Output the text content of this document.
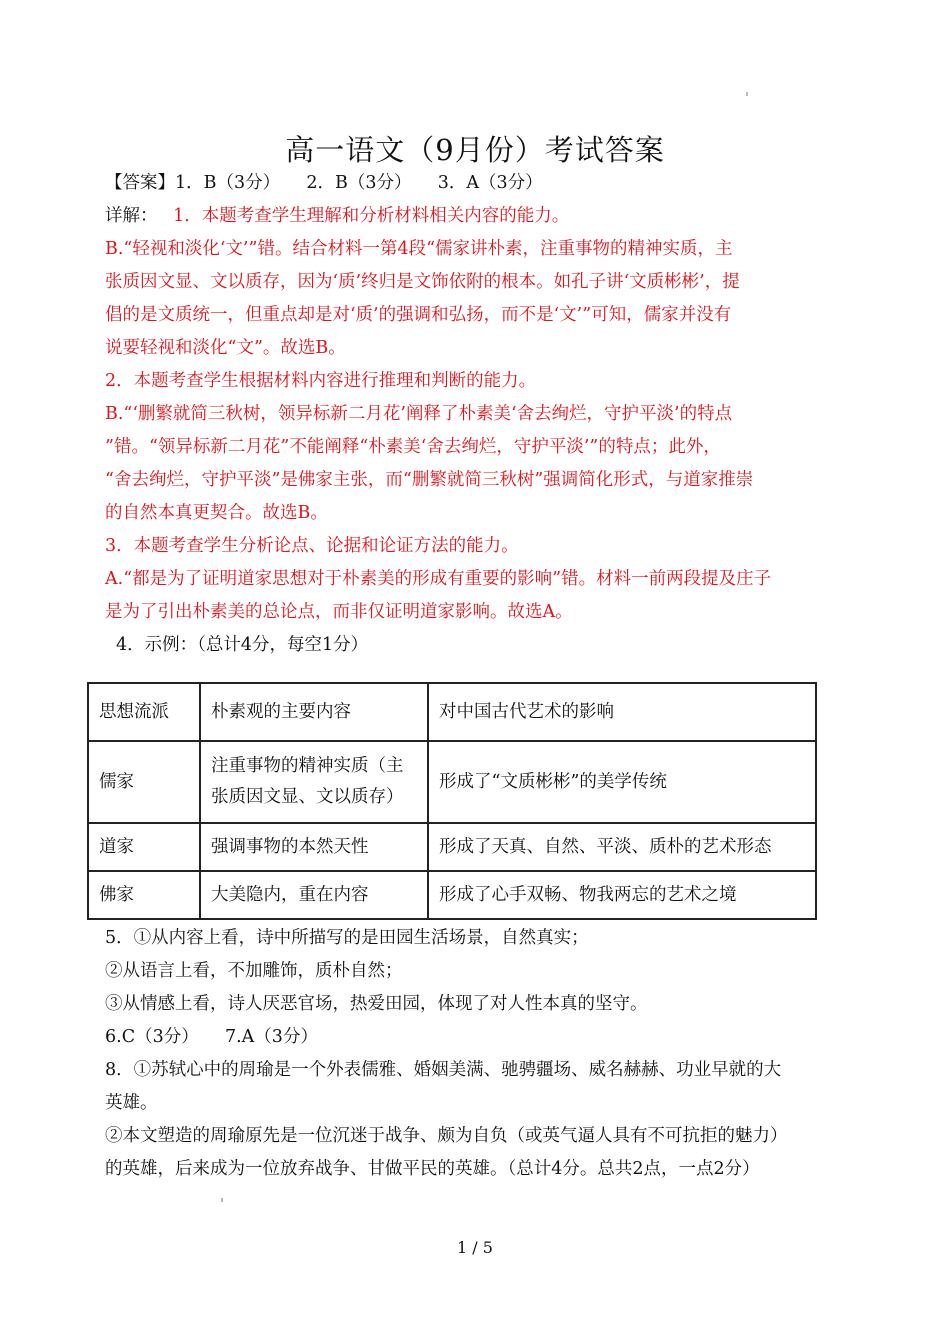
高一语文（9月份）考试答案
【答案】1．B（3分）　　2．B（3分）　　3．A（3分）
详解： 1．本题考查学生理解和分析材料相关内容的能力。
B.“轻视和淡化‘文’”错。结合材料一第4段“儒家讲朴素，注重事物的精神实质，主
张质因文显、文以质存，因为‘质’终归是文饰依附的根本。如孔子讲‘文质彬彬’，提
倡的是文质统一，但重点却是对‘质’的强调和弘扬，而不是‘文’”可知，儒家并没有
说要轻视和淡化“文”。故选B。
2．本题考查学生根据材料内容进行推理和判断的能力。
B.“‘删繁就简三秋树，领异标新二月花’阐释了朴素美‘舍去绚烂，守护平淡’的特点
”错。“领异标新二月花”不能阐释“朴素美‘舍去绚烂，守护平淡’”的特点；此外，
“舍去绚烂，守护平淡”是佛家主张，而“删繁就简三秋树”强调简化形式，与道家推崇
的自然本真更契合。故选B。
3．本题考查学生分析论点、论据和论证方法的能力。
A.“都是为了证明道家思想对于朴素美的形成有重要的影响”错。材料一前两段提及庄子
是为了引出朴素美的总论点，而非仅证明道家影响。故选A。
4．示例：（总计4分，每空1分）
思想流派	朴素观的主要内容	对中国古代艺术的影响
儒家	注重事物的精神实质（主
张质因文显、文以质存）	形成了“文质彬彬”的美学传统
道家	强调事物的本然天性	形成了天真、自然、平淡、质朴的艺术形态
佛家	大美隐内，重在内容	形成了心手双畅、物我两忘的艺术之境
5．①从内容上看，诗中所描写的是田园生活场景，自然真实；
②从语言上看，不加雕饰，质朴自然；
③从情感上看，诗人厌恶官场，热爱田园，体现了对人性本真的坚守。
6.C（3分）　　7.A（3分）
8．①苏轼心中的周瑜是一个外表儒雅、婚姻美满、驰骋疆场、威名赫赫、功业早就的大
英雄。
②本文塑造的周瑜原先是一位沉迷于战争、颇为自负（或英气逼人具有不可抗拒的魅力）
的英雄，后来成为一位放弃战争、甘做平民的英雄。（总计4分。总共2点，一点2分）
1 / 5
